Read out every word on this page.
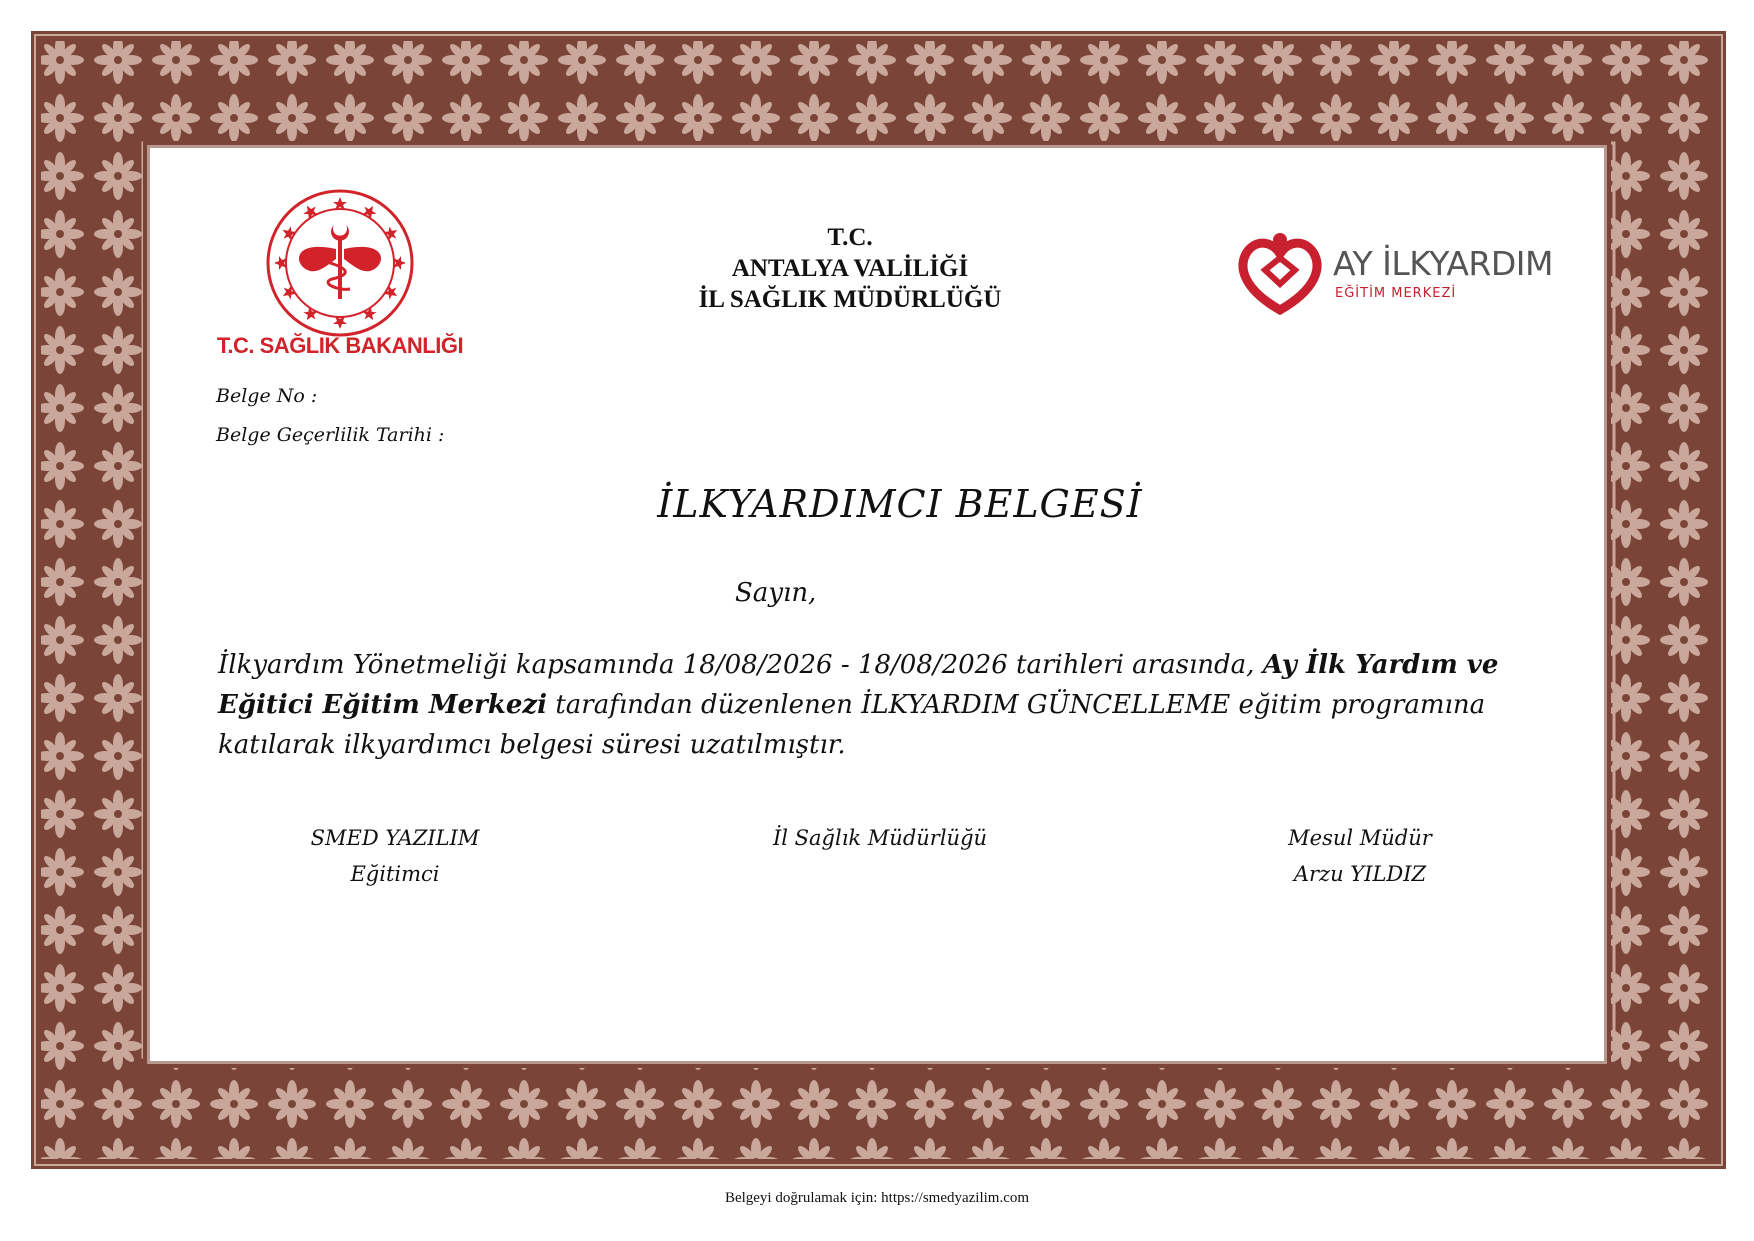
T.C. SAĞLIK BAKANLIĞI
T.C.
ANTALYA VALİLİĞİ
İL SAĞLIK MÜDÜRLÜĞÜ
AY İLKYARDIM
EĞİTİM MERKEZİ
Belge No :
Belge Geçerlilik Tarihi :
İLKYARDIMCI BELGESİ
Sayın,
İlkyardım Yönetmeliği kapsamında 18/08/2026 - 18/08/2026 tarihleri arasında, Ay İlk Yardım ve Eğitici Eğitim Merkezi tarafından düzenlenen İLKYARDIM GÜNCELLEME eğitim programına katılarak ilkyardımcı belgesi süresi uzatılmıştır.
SMED YAZILIM
Eğitimci
İl Sağlık Müdürlüğü	Mesul Müdür
Arzu YILDIZ
Belgeyi doğrulamak için: https://smedyazilim.com
